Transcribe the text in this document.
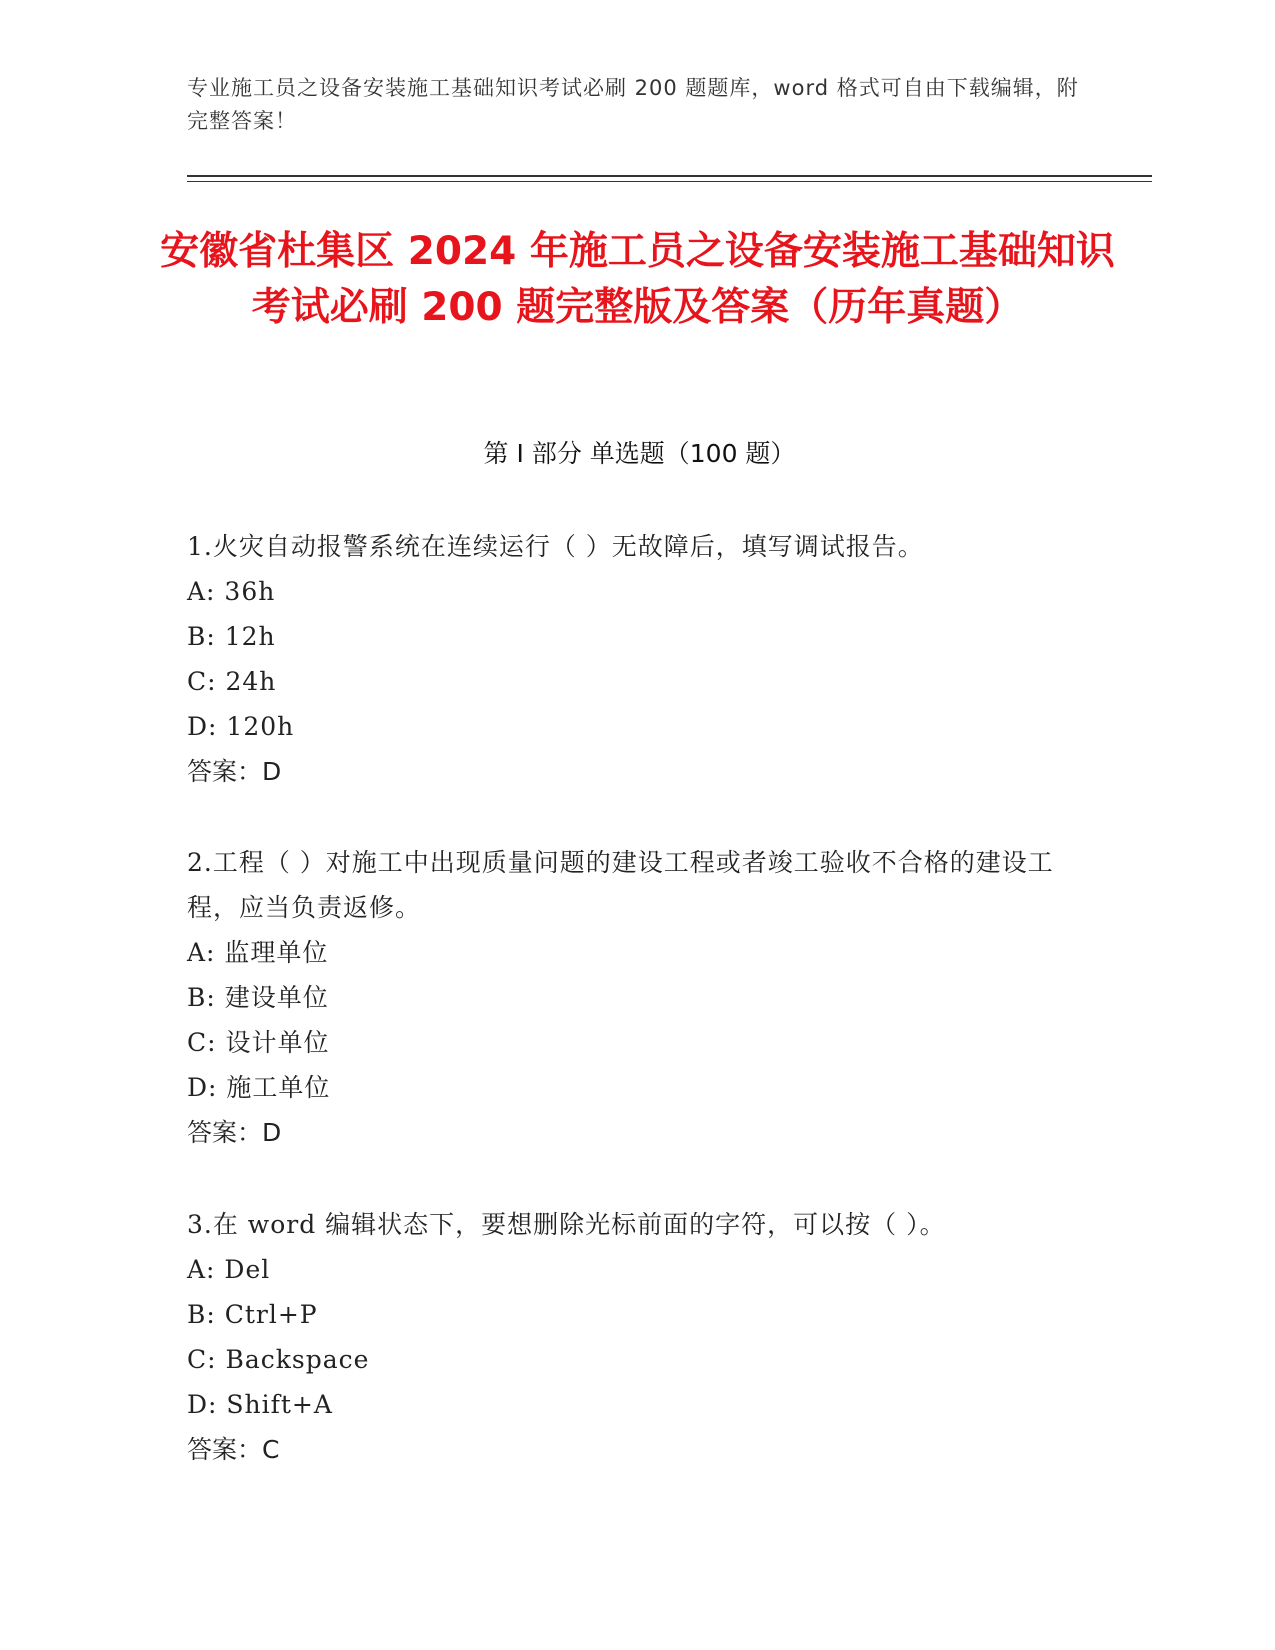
专业施工员之设备安装施工基础知识考试必刷 200 题题库，word 格式可自由下载编辑，附完整答案！
安徽省杜集区 2024 年施工员之设备安装施工基础知识考试必刷 200 题完整版及答案（历年真题）
第 I 部分 单选题（100 题）

1.火灾自动报警系统在连续运行（ ）无故障后，填写调试报告。

A: 36h

B: 12h

C: 24h

D: 120h

答案：D

2.工程（ ）对施工中出现质量问题的建设工程或者竣工验收不合格的建设工程，应当负责返修。

A: 监理单位

B: 建设单位

C: 设计单位

D: 施工单位

答案：D

3.在 word 编辑状态下，要想删除光标前面的字符，可以按（ ）。

A: Del

B: Ctrl+P

C: Backspace

D: Shift+A

答案：C
